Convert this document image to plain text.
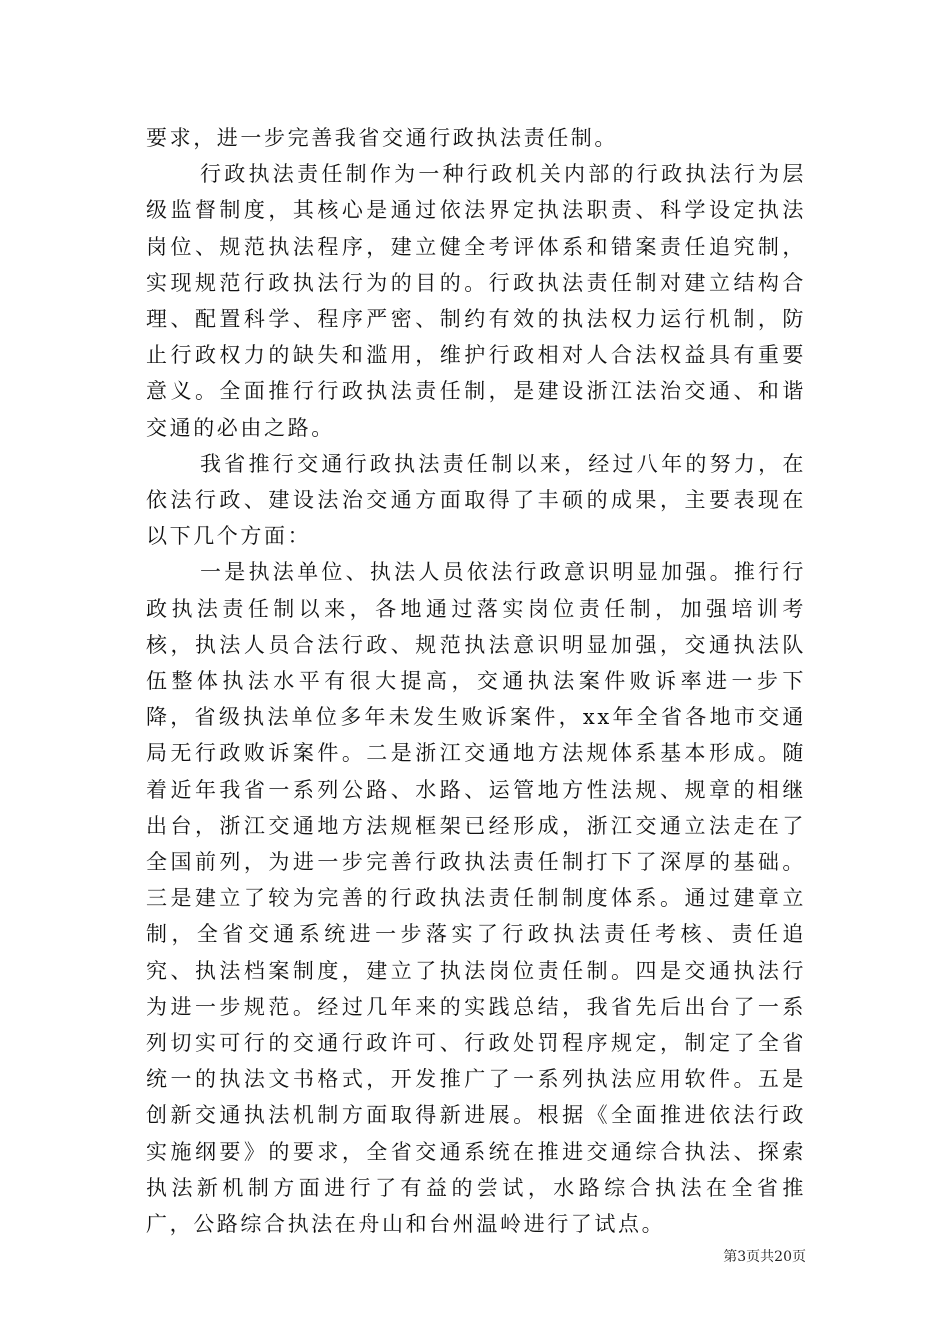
要求，进一步完善我省交通行政执法责任制。

行政执法责任制作为一种行政机关内部的行政执法行为层级监督制度，其核心是通过依法界定执法职责、科学设定执法岗位、规范执法程序，建立健全考评体系和错案责任追究制，实现规范行政执法行为的目的。行政执法责任制对建立结构合理、配置科学、程序严密、制约有效的执法权力运行机制，防止行政权力的缺失和滥用，维护行政相对人合法权益具有重要意义。全面推行行政执法责任制，是建设浙江法治交通、和谐交通的必由之路。

我省推行交通行政执法责任制以来，经过八年的努力，在依法行政、建设法治交通方面取得了丰硕的成果，主要表现在以下几个方面：

一是执法单位、执法人员依法行政意识明显加强。推行行政执法责任制以来，各地通过落实岗位责任制，加强培训考核，执法人员合法行政、规范执法意识明显加强，交通执法队伍整体执法水平有很大提高，交通执法案件败诉率进一步下降，省级执法单位多年未发生败诉案件，xx年全省各地市交通局无行政败诉案件。二是浙江交通地方法规体系基本形成。随着近年我省一系列公路、水路、运管地方性法规、规章的相继出台，浙江交通地方法规框架已经形成，浙江交通立法走在了全国前列，为进一步完善行政执法责任制打下了深厚的基础。三是建立了较为完善的行政执法责任制制度体系。通过建章立制，全省交通系统进一步落实了行政执法责任考核、责任追究、执法档案制度，建立了执法岗位责任制。四是交通执法行为进一步规范。经过几年来的实践总结，我省先后出台了一系列切实可行的交通行政许可、行政处罚程序规定，制定了全省统一的执法文书格式，开发推广了一系列执法应用软件。五是创新交通执法机制方面取得新进展。根据《全面推进依法行政实施纲要》的要求，全省交通系统在推进交通综合执法、探索执法新机制方面进行了有益的尝试，水路综合执法在全省推广，公路综合执法在舟山和台州温岭进行了试点。

第3页共20页
